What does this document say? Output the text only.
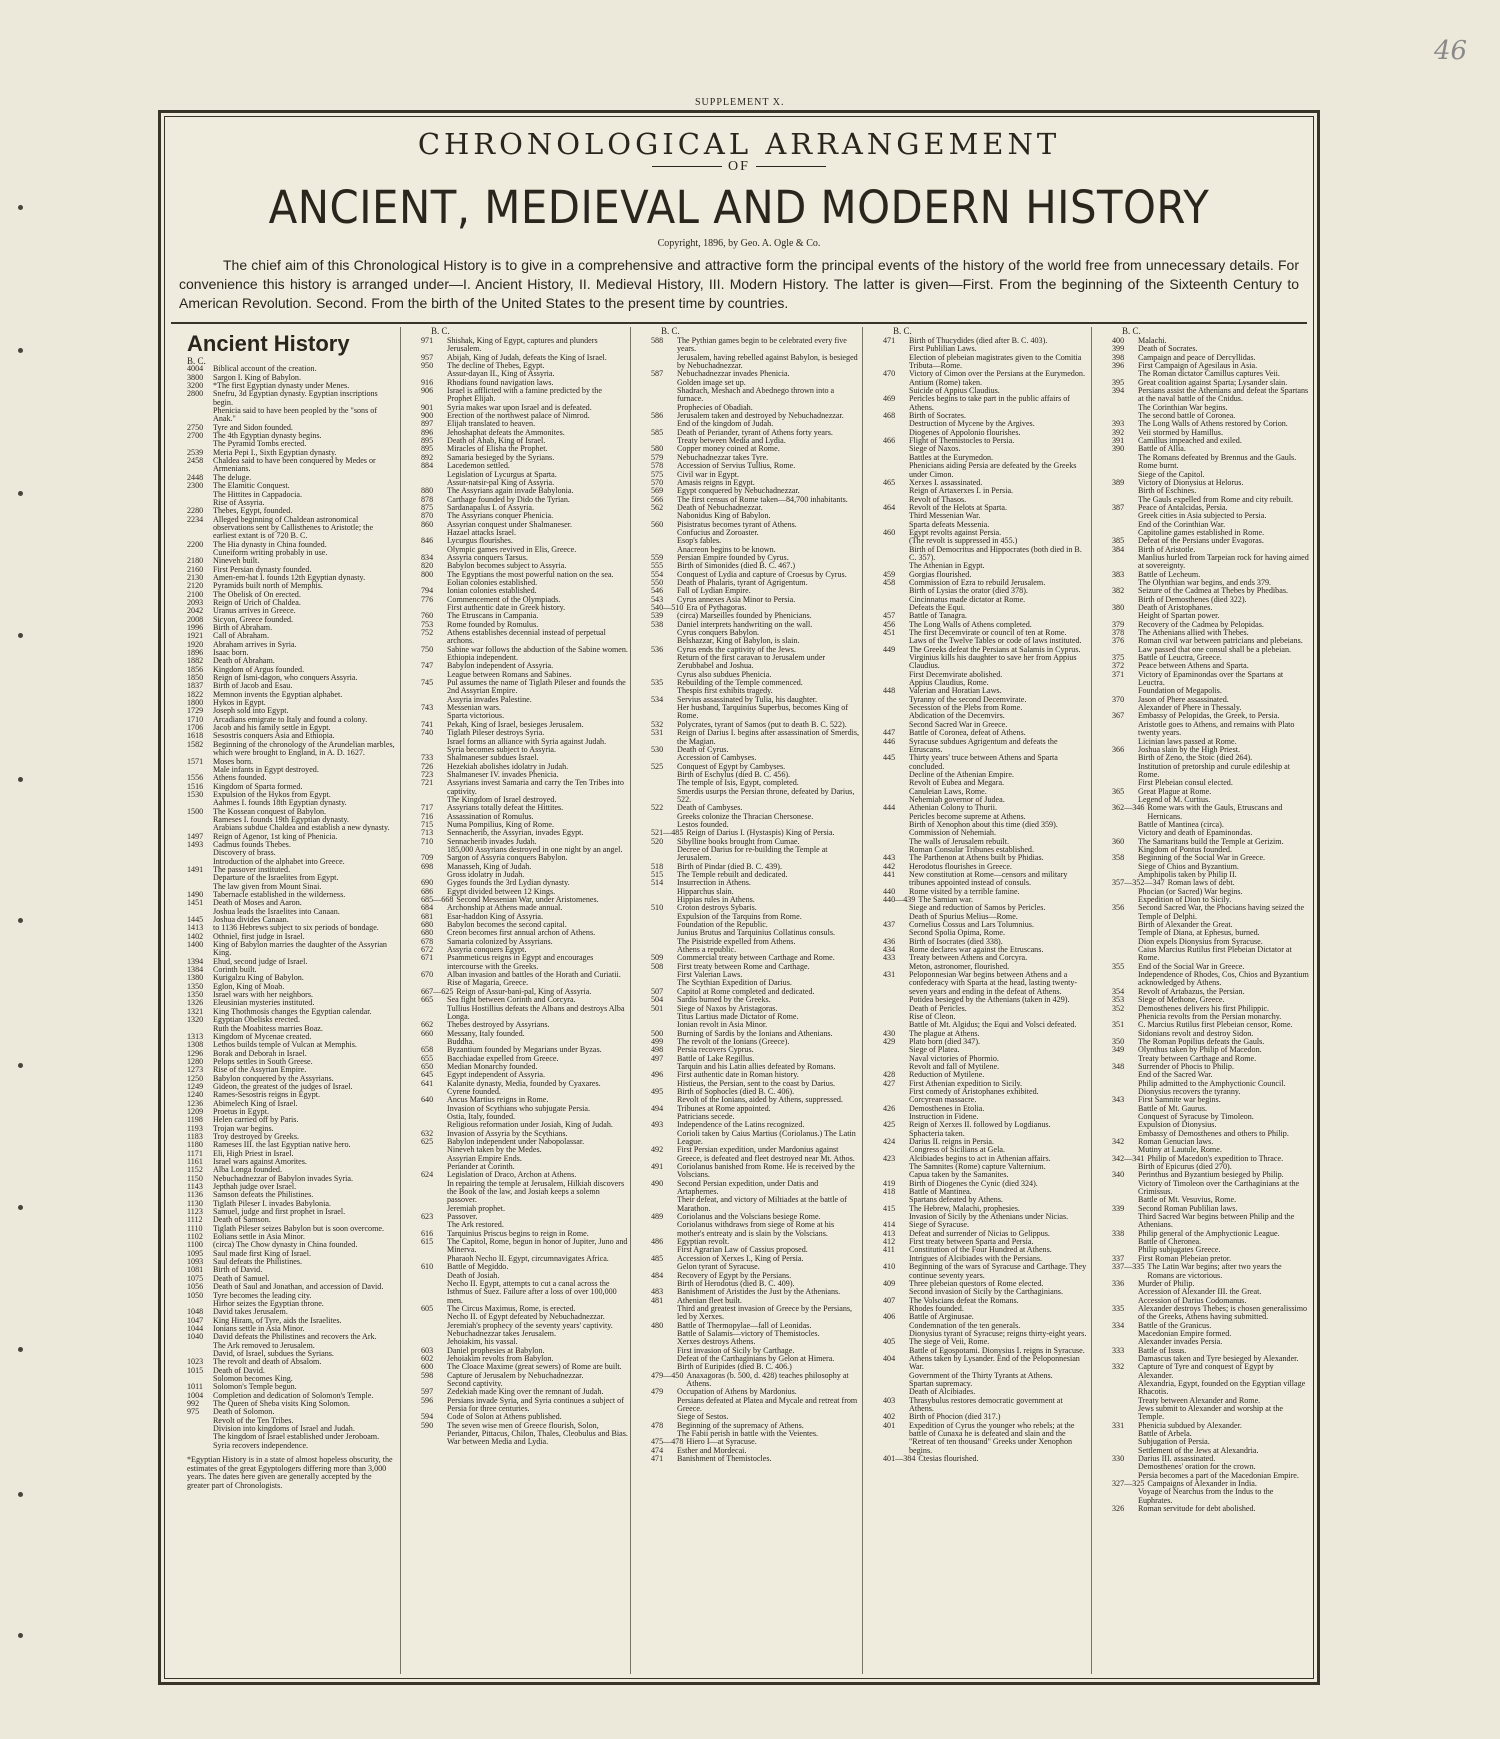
46
SUPPLEMENT X.
CHRONOLOGICAL ARRANGEMENT
OF
ANCIENT, MEDIEVAL AND MODERN HISTORY
Copyright, 1896, by Geo. A. Ogle & Co.
The chief aim of this Chronological History is to give in a comprehensive and attractive form the principal events of the history of the world free from unnecessary details. For convenience this history is arranged under—I. Ancient History, II. Medieval History, III. Modern History. The latter is given—First. From the beginning of the Sixteenth Century to American Revolution. Second. From the birth of the United States to the present time by countries.
Ancient History
B. C.
4004	Biblical account of the creation.
3800	Sargon I. King of Babylon.
3200	*The first Egyptian dynasty under Menes.
2800	Snefru, 3d Egyptian dynasty. Egyptian inscriptions begin.
Phenicia said to have been peopled by the "sons of Anak."
2750	Tyre and Sidon founded.
2700	The 4th Egyptian dynasty begins.
The Pyramid Tombs erected.
2539	Meria Pepi I., Sixth Egyptian dynasty.
2458	Chaldea said to have been conquered by Medes or Armenians.
2448	The deluge.
2300	The Elamitic Conquest.
The Hittites in Cappadocia.
Rise of Assyria.
2280	Thebes, Egypt, founded.
2234	Alleged beginning of Chaldean astronomical observations sent by Callisthenes to Aristotle; the earliest extant is of 720 B. C.
2200	The Hia dynasty in China founded.
Cuneiform writing probably in use.
2180	Nineveh built.
2160	First Persian dynasty founded.
2130	Amen-em-hat I. founds 12th Egyptian dynasty.
2120	Pyramids built north of Memphis.
2100	The Obelisk of On erected.
2093	Reign of Urich of Chaldea.
2042	Uranus arrives in Greece.
2008	Sicyon, Greece founded.
1996	Birth of Abraham.
1921	Call of Abraham.
1920	Abraham arrives in Syria.
1896	Isaac born.
1882	Death of Abraham.
1856	Kingdom of Argus founded.
1850	Reign of Ismi-dagon, who conquers Assyria.
1837	Birth of Jacob and Esau.
1822	Memnon invents the Egyptian alphabet.
1800	Hykos in Egypt.
1729	Joseph sold into Egypt.
1710	Arcadians emigrate to Italy and found a colony.
1706	Jacob and his family settle in Egypt.
1618	Sesostris conquers Asia and Ethiopia.
1582	Beginning of the chronology of the Arundelian marbles, which were brought to England, in A. D. 1627.
1571	Moses born.
Male infants in Egypt destroyed.
1556	Athens founded.
1516	Kingdom of Sparta formed.
1530	Expulsion of the Hykos from Egypt.
Aahmes I. founds 18th Egyptian dynasty.
1500	The Kossean conquest of Babylon.
Rameses I. founds 19th Egyptian dynasty.
Arabians subdue Chaldea and establish a new dynasty.
1497	Reign of Agenor, 1st king of Phenicia.
1493	Cadmus founds Thebes.
Discovery of brass.
Introduction of the alphabet into Greece.
1491	The passover instituted.
Departure of the Israelites from Egypt.
The law given from Mount Sinai.
1490	Tabernacle established in the wilderness.
1451	Death of Moses and Aaron.
Joshua leads the Israelites into Canaan.
1445	Joshua divides Canaan.
1413	to 1136 Hebrews subject to six periods of bondage.
1402	Othniel, first judge in Israel.
1400	King of Babylon marries the daughter of the Assyrian King.
1394	Ehud, second judge of Israel.
1384	Corinth built.
1380	Kurigalzu King of Babylon.
1350	Eglon, King of Moab.
1350	Israel wars with her neighbors.
1326	Eleusinian mysteries instituted.
1321	King Thothmosis changes the Egyptian calendar.
1320	Egyptian Obelisks erected.
Ruth the Moabitess marries Boaz.
1313	Kingdom of Mycenae created.
1308	Lethos builds temple of Vulcan at Memphis.
1296	Borak and Deborah in Israel.
1280	Pelops settles in South Greese.
1273	Rise of the Assyrian Empire.
1250	Babylon conquered by the Assyrians.
1249	Gideon, the greatest of the judges of Israel.
1240	Rames-Sesostris reigns in Egypt.
1236	Abimelech King of Israel.
1209	Proetus in Egypt.
1198	Helen carried off by Paris.
1193	Trojan war begins.
1183	Troy destroyed by Greeks.
1180	Rameses III. the last Egyptian native hero.
1171	Eli, High Priest in Israel.
1161	Israel wars against Amorites.
1152	Alba Longa founded.
1150	Nebuchadnezzar of Babylon invades Syria.
1143	Jepthah judge over Israel.
1136	Samson defeats the Philistines.
1130	Tiglath Pileser I. invades Babylonia.
1123	Samuel, judge and first prophet in Israel.
1112	Death of Samson.
1110	Tiglath Pileser seizes Babylon but is soon overcome.
1102	Eolians settle in Asia Minor.
1100	(circa) The Chow dynasty in China founded.
1095	Saul made first King of Israel.
1093	Saul defeats the Philistines.
1081	Birth of David.
1075	Death of Samuel.
1056	Death of Saul and Jonathan, and accession of David.
1050	Tyre becomes the leading city.
Hirhor seizes the Egyptian throne.
1048	David takes Jerusalem.
1047	King Hiram, of Tyre, aids the Israelites.
1044	Ionians settle in Asia Minor.
1040	David defeats the Philistines and recovers the Ark.
The Ark removed to Jerusalem.
David, of Israel, subdues the Syrians.
1023	The revolt and death of Absalom.
1015	Death of David.
Solomon becomes King.
1011	Solomon's Temple begun.
1004	Completion and dedication of Solomon's Temple.
992	The Queen of Sheba visits King Solomon.
975	Death of Solomon.
Revolt of the Ten Tribes.
Division into kingdoms of Israel and Judah.
The kingdom of Israel established under Jeroboam.
Syria recovers independence.
*Egyptian History is in a state of almost hopeless obscurity, the estimates of the great Egyptologers differing more than 3,000 years. The dates here given are generally accepted by the greater part of Chronologists.
B. C.
971	Shishak, King of Egypt, captures and plunders Jerusalem.
957	Abijah, King of Judah, defeats the King of Israel.
950	The decline of Thebes, Egypt.
Assur-dayan II., King of Assyria.
916	Rhodians found navigation laws.
906	Israel is afflicted with a famine predicted by the Prophet Elijah.
901	Syria makes war upon Israel and is defeated.
900	Erection of the northwest palace of Nimrod.
897	Elijah translated to heaven.
896	Jehoshaphat defeats the Ammonites.
895	Death of Ahab, King of Israel.
895	Miracles of Elisha the Prophet.
892	Samaria besieged by the Syrians.
884	Lacedemon settled.
Legislation of Lycurgus at Sparta.
Assur-natsir-pal King of Assyria.
880	The Assyrians again invade Babylonia.
878	Carthage founded by Dido the Tyrian.
875	Sardanapalus I. of Assyria.
870	The Assyrians conquer Phenicia.
860	Assyrian conquest under Shalmaneser.
Hazael attacks Israel.
846	Lycurgus flourishes.
Olympic games revived in Elis, Greece.
834	Assyria conquers Tarsus.
820	Babylon becomes subject to Assyria.
800	The Egyptians the most powerful nation on the sea.
Eolian colonies established.
794	Ionian colonies established.
776	Commencement of the Olympiads.
First authentic date in Greek history.
760	The Etruscans in Campania.
753	Rome founded by Romulus.
752	Athens establishes decennial instead of perpetual archons.
750	Sabine war follows the abduction of the Sabine women.
Ethiopia independent.
747	Babylon independent of Assyria.
League between Romans and Sabines.
745	Pul assumes the name of Tiglath Pileser and founds the 2nd Assyrian Empire.
Assyria invades Palestine.
743	Messenian wars.
Sparta victorious.
741	Pekah, King of Israel, besieges Jerusalem.
740	Tiglath Pileser destroys Syria.
Israel forms an alliance with Syria against Judah.
Syria becomes subject to Assyria.
733	Shalmaneser subdues Israel.
726	Hezekiah abolishes idolatry in Judah.
723	Shalmaneser IV. invades Phenicia.
721	Assyrians invest Samaria and carry the Ten Tribes into captivity.
The Kingdom of Israel destroyed.
717	Assyrians totally defeat the Hittites.
716	Assassination of Romulus.
715	Numa Pompilius, King of Rome.
713	Sennacherib, the Assyrian, invades Egypt.
710	Sennacherib invades Judah.
185,000 Assyrians destroyed in one night by an angel.
709	Sargon of Assyria conquers Babylon.
698	Manasseh, King of Judah.
Gross idolatry in Judah.
690	Gyges founds the 3rd Lydian dynasty.
686	Egypt divided between 12 Kings.
685—668 Second Messenian War, under Aristomenes.
684	Archonship at Athens made annual.
681	Esar-haddon King of Assyria.
680	Babylon becomes the second capital.
680	Creon becomes first annual archon of Athens.
678	Samaria colonized by Assyrians.
672	Assyria conquers Egypt.
671	Psammeticus reigns in Egypt and encourages intercourse with the Greeks.
670	Alban invasion and battles of the Horath and Curiatii.
Rise of Magaria, Greece.
667—625 Reign of Assur-bani-pal, King of Assyria.
665	Sea fight between Corinth and Corcyra.
Tullius Hostillius defeats the Albans and destroys Alba Longa.
662	Thebes destroyed by Assyrians.
660	Messany, Italy founded.
Buddha.
658	Byzantium founded by Megarians under Byzas.
655	Bacchiadae expelled from Greece.
650	Median Monarchy founded.
645	Egypt independent of Assyria.
641	Kalanite dynasty, Media, founded by Cyaxares.
Cyrene founded.
640	Ancus Martius reigns in Rome.
Invasion of Scythians who subjugate Persia.
Ostia, Italy, founded.
Religious reformation under Josiah, King of Judah.
632	Invasion of Assyria by the Scythians.
625	Babylon independent under Nabopolassar.
Nineveh taken by the Medes.
Assyrian Empire Ends.
Periander at Corinth.
624	Legislation of Draco, Archon at Athens.
In repairing the temple at Jerusalem, Hilkiah discovers the Book of the law, and Josiah keeps a solemn passover.
Jeremiah prophet.
623	Passover.
The Ark restored.
616	Tarquinius Priscus begins to reign in Rome.
615	The Capitol, Rome, begun in honor of Jupiter, Juno and Minerva.
Pharaoh Necho II. Egypt, circumnavigates Africa.
610	Battle of Megiddo.
Death of Josiah.
Necho II. Egypt, attempts to cut a canal across the Isthmus of Suez. Failure after a loss of over 100,000 men.
605	The Circus Maximus, Rome, is erected.
Necho II. of Egypt defeated by Nebuchadnezzar.
Jeremiah's prophecy of the seventy years' captivity.
Nebuchadnezzar takes Jerusalem.
Jehoiakim, his vassal.
603	Daniel prophesies at Babylon.
602	Jehoiakim revolts from Babylon.
600	The Cloace Maxime (great sewers) of Rome are built.
598	Capture of Jerusalem by Nebuchadnezzar.
Second captivity.
597	Zedekiah made King over the remnant of Judah.
596	Persians invade Syria, and Syria continues a subject of Persia for three centuries.
594	Code of Solon at Athens published.
590	The seven wise men of Greece flourish, Solon, Periander, Pittacus, Chilon, Thales, Cleobulus and Bias.
War between Media and Lydia.
B. C.
588	The Pythian games begin to be celebrated every five years.
Jerusalem, having rebelled against Babylon, is besieged by Nebuchadnezzar.
587	Nebuchadnezzar invades Phenicia.
Golden image set up.
Shadrach, Meshach and Abednego thrown into a furnace.
Prophecies of Obadiah.
586	Jerusalem taken and destroyed by Nebuchadnezzar.
End of the kingdom of Judah.
585	Death of Periander, tyrant of Athens forty years.
Treaty between Media and Lydia.
580	Copper money coined at Rome.
579	Nebuchadnezzar takes Tyre.
578	Accession of Servius Tullius, Rome.
575	Civil war in Egypt.
570	Amasis reigns in Egypt.
569	Egypt conquered by Nebuchadnezzar.
566	The first census of Rome taken—84,700 inhabitants.
562	Death of Nebuchadnezzar.
Nabonidus King of Babylon.
560	Pisistratus becomes tyrant of Athens.
Confucius and Zoroaster.
Esop's fables.
Anacreon begins to be known.
559	Persian Empire founded by Cyrus.
555	Birth of Simonides (died B. C. 467.)
554	Conquest of Lydia and capture of Croesus by Cyrus.
550	Death of Phalaris, tyrant of Agrigentum.
546	Fall of Lydian Empire.
543	Cyrus annexes Asia Minor to Persia.
540—510 Era of Pythagoras.
539	(circa) Marseilles founded by Phenicians.
538	Daniel interprets handwriting on the wall.
Cyrus conquers Babylon.
Belshazzar, King of Babylon, is slain.
536	Cyrus ends the captivity of the Jews.
Return of the first caravan to Jerusalem under Zerubbabel and Joshua.
Cyrus also subdues Phenicia.
535	Rebuilding of the Temple commenced.
Thespis first exhibits tragedy.
534	Servius assassinated by Tulia, his daughter.
Her husband, Tarquinius Superbus, becomes King of Rome.
532	Polycrates, tyrant of Samos (put to death B. C. 522).
531	Reign of Darius I. begins after assassination of Smerdis, the Magian.
530	Death of Cyrus.
Accession of Cambyses.
525	Conquest of Egypt by Cambyses.
Birth of Eschylus (died B. C. 456).
The temple of Isis, Egypt, completed.
Smerdis usurps the Persian throne, defeated by Darius, 522.
522	Death of Cambyses.
Greeks colonize the Thracian Chersonese.
Lestos founded.
521—485 Reign of Darius I. (Hystaspis) King of Persia.
520	Sibylline books brought from Cumae.
Decree of Darius for re-building the Temple at Jerusalem.
518	Birth of Pindar (died B. C. 439).
515	The Temple rebuilt and dedicated.
514	Insurrection in Athens.
Hipparchus slain.
Hippias rules in Athens.
510	Croton destroys Sybaris.
Expulsion of the Tarquins from Rome.
Foundation of the Republic.
Junius Brutus and Tarquinius Collatinus consuls.
The Pisistride expelled from Athens.
Athens a republic.
509	Commercial treaty between Carthage and Rome.
508	First treaty between Rome and Carthage.
First Valerian Laws.
The Scythian Expedition of Darius.
507	Capitol at Rome completed and dedicated.
504	Sardis burned by the Greeks.
501	Siege of Naxos by Aristagoras.
Titus Lartius made Dictator of Rome.
Ionian revolt in Asia Minor.
500	Burning of Sardis by the Ionians and Athenians.
499	The revolt of the Ionians (Greece).
498	Persia recovers Cyprus.
497	Battle of Lake Regillus.
Tarquin and his Latin allies defeated by Romans.
496	First authentic date in Roman history.
Histieus, the Persian, sent to the coast by Darius.
495	Birth of Sophocles (died B. C. 406).
Revolt of the Ionians, aided by Athens, suppressed.
494	Tribunes at Rome appointed.
Patricians secede.
493	Independence of the Latins recognized.
Corioli taken by Caius Martius (Coriolanus.) The Latin League.
492	First Persian expedition, under Mardonius against Greece, is defeated and fleet destroyed near Mt. Athos.
491	Coriolanus banished from Rome. He is received by the Volscians.
490	Second Persian expedition, under Datis and Artaphernes.
Their defeat, and victory of Miltiades at the battle of Marathon.
489	Coriolanus and the Volscians besiege Rome.
Coriolanus withdraws from siege of Rome at his mother's entreaty and is slain by the Volscians.
486	Egyptian revolt.
First Agrarian Law of Cassius proposed.
485	Accession of Xerxes I., King of Persia.
Gelon tyrant of Syracuse.
484	Recovery of Egypt by the Persians.
Birth of Herodotus (died B. C. 409).
483	Banishment of Aristides the Just by the Athenians.
481	Athenian fleet built.
Third and greatest invasion of Greece by the Persians, led by Xerxes.
480	Battle of Thermopylae—fall of Leonidas.
Battle of Salamis—victory of Themistocles.
Xerxes destroys Athens.
First invasion of Sicily by Carthage.
Defeat of the Carthaginians by Gelon at Himera.
Birth of Euripides (died B. C. 406.)
479—450 Anaxagoras (b. 500, d. 428) teaches philosophy at Athens.
479	Occupation of Athens by Mardonius.
Persians defeated at Platea and Mycale and retreat from Greece.
Siege of Sestos.
478	Beginning of the supremacy of Athens.
The Fabii perish in battle with the Veientes.
475—478 Hiero I—at Syracuse.
474	Esther and Mordecai.
471	Banishment of Themistocles.
B. C.
471	Birth of Thucydides (died after B. C. 403).
First Publilian Laws.
Election of plebeian magistrates given to the Comitia Tributa—Rome.
470	Victory of Cimon over the Persians at the Eurymedon.
Antium (Rome) taken.
Suicide of Appius Claudius.
469	Pericles begins to take part in the public affairs of Athens.
468	Birth of Socrates.
Destruction of Mycene by the Argives.
Diogenes of Appolonio flourishes.
466	Flight of Themistocles to Persia.
Siege of Naxos.
Battles at the Eurymedon.
Phenicians aiding Persia are defeated by the Greeks under Cimon.
465	Xerxes I. assassinated.
Reign of Artaxerxes I. in Persia.
Revolt of Thasos.
464	Revolt of the Helots at Sparta.
Third Messenian War.
Sparta defeats Messenia.
460	Egypt revolts against Persia.
(The revolt is suppressed in 455.)
Birth of Democritus and Hippocrates (both died in B. C. 357).
The Athenian in Egypt.
459	Gorgias flourished.
458	Commission of Ezra to rebuild Jerusalem.
Birth of Lysias the orator (died 378).
Cincinnatus made dictator at Rome.
Defeats the Equi.
457	Battle of Tanagra.
456	The Long Walls of Athens completed.
451	The first Decemvirate or council of ten at Rome.
Laws of the Twelve Tables or code of laws instituted.
449	The Greeks defeat the Persians at Salamis in Cyprus.
Virginius kills his daughter to save her from Appius Claudius.
First Decemvirate abolished.
Appius Claudius, Rome.
448	Valerian and Horatian Laws.
Tyranny of the second Decemvirate.
Secession of the Plebs from Rome.
Abdication of the Decemvirs.
Second Sacred War in Greece.
447	Battle of Coronea, defeat of Athens.
446	Syracuse subdues Agrigentum and defeats the Etruscans.
445	Thirty years' truce between Athens and Sparta concluded.
Decline of the Athenian Empire.
Revolt of Eubea and Megara.
Canuleian Laws, Rome.
Nehemiah governor of Judea.
444	Athenian Colony to Thurii.
Pericles become supreme at Athens.
Birth of Xenophon about this time (died 359).
Commission of Nehemiah.
The walls of Jerusalem rebuilt.
Roman Consular Tribunes established.
443	The Parthenon at Athens built by Phidias.
442	Herodotus flourishes in Greece.
441	New constitution at Rome—censors and military tribunes appointed instead of consuls.
440	Rome visited by a terrible famine.
440—439 The Samian war.
Siege and reduction of Samos by Pericles.
Death of Spurius Melius—Rome.
437	Cornelius Cossus and Lars Tolumnius.
Second Spolia Opima, Rome.
436	Birth of Isocrates (died 338).
434	Rome declares war against the Etruscans.
433	Treaty between Athens and Corcyra.
Meton, astronomer, flourished.
431	Peloponnesian War begins between Athens and a confederacy with Sparta at the head, lasting twenty-seven years and ending in the defeat of Athens.
Potidea besieged by the Athenians (taken in 429).
Death of Pericles.
Rise of Cleon.
Battle of Mt. Algidus; the Equi and Volsci defeated.
430	The plague at Athens.
429	Plato born (died 347).
Siege of Platea.
Naval victories of Phormio.
Revolt and fall of Mytilene.
428	Reduction of Mytilene.
427	First Athenian expedition to Sicily.
First comedy of Aristophanes exhibited.
Corcyrean massacre.
426	Demosthenes in Etolia.
Instruction in Fidene.
425	Reign of Xerxes II. followed by Logdianus.
Sphacteria taken.
424	Darius II. reigns in Persia.
Congress of Sicilians at Gela.
423	Alcibiades begins to act in Athenian affairs.
The Samnites (Rome) capture Valternium.
Capua taken by the Samanites.
419	Birth of Diogenes the Cynic (died 324).
418	Battle of Mantinea.
Spartans defeated by Athens.
415	The Hebrew, Malachi, prophesies.
Invasion of Sicily by the Athenians under Nicias.
414	Siege of Syracuse.
413	Defeat and surrender of Nicias to Gelippus.
412	First treaty between Sparta and Persia.
411	Constitution of the Four Hundred at Athens.
Intrigues of Alcibiades with the Persians.
410	Beginning of the wars of Syracuse and Carthage. They continue seventy years.
409	Three plebeian questors of Rome elected.
Second invasion of Sicily by the Carthaginians.
407	The Volscians defeat the Romans.
Rhodes founded.
406	Battle of Arginusae.
Condemnation of the ten generals.
Dionysius tyrant of Syracuse; reigns thirty-eight years.
405	The siege of Veii, Rome.
Battle of Egospotami. Dionysius I. reigns in Syracuse.
404	Athens taken by Lysander. End of the Peloponnesian War.
Government of the Thirty Tyrants at Athens.
Spartan supremacy.
Death of Alcibiades.
403	Thrasybulus restores democratic government at Athens.
402	Birth of Phocion (died 317.)
401	Expedition of Cyrus the younger who rebels; at the battle of Cunaxa he is defeated and slain and the "Retreat of ten thousand" Greeks under Xenophon begins.
401—384 Ctesias flourished.
B. C.
400	Malachi.
399	Death of Socrates.
398	Campaign and peace of Dercyllidas.
396	First Campaign of Agesilaus in Asia.
The Roman dictator Camillus captures Veii.
395	Great coalition against Sparta; Lysander slain.
394	Persians assist the Athenians and defeat the Spartans at the naval battle of the Cnidus.
The Corinthian War begins.
The second battle of Coronea.
393	The Long Walls of Athens restored by Corion.
392	Veii stormed by Hamillus.
391	Camillus impeached and exiled.
390	Battle of Allia.
The Romans defeated by Brennus and the Gauls. Rome burnt.
Siege of the Capitol.
389	Victory of Dionysius at Helorus.
Birth of Eschines.
The Gauls expelled from Rome and city rebuilt.
387	Peace of Antalcidas, Persia.
Greek cities in Asia subjected to Persia.
End of the Corinthian War.
Capitoline games established in Rome.
385	Defeat of the Persians under Evagoras.
384	Birth of Aristotle.
Manlius hurled from Tarpeian rock for having aimed at sovereignty.
383	Battle of Lecheum.
The Olynthian war begins, and ends 379.
382	Seizure of the Cadmea at Thebes by Phedibas.
Birth of Demosthenes (died 322).
380	Death of Aristophanes.
Height of Spartan power.
379	Recovery of the Cadmea by Pelopidas.
378	The Athenians allied with Thebes.
376	Roman civil war between patricians and plebeians.
Law passed that one consul shall be a plebeian.
375	Battle of Leuctra, Greece.
372	Peace between Athens and Sparta.
371	Victory of Epaminondas over the Spartans at Leuctra.
Foundation of Megapolis.
370	Jason of Phere assassinated.
Alexander of Phere in Thessaly.
367	Embassy of Pelopidas, the Greek, to Persia.
Aristotle goes to Athens, and remains with Plato twenty years.
Licinian laws passed at Rome.
366	Joshua slain by the High Priest.
Birth of Zeno, the Stoic (died 264).
Institution of pretorship and curule edileship at Rome.
First Plebeian consul elected.
365	Great Plague at Rome.
Legend of M. Curtius.
362—346 Rome wars with the Gauls, Etruscans and Hernicans.
Battle of Mantinea (circa).
Victory and death of Epaminondas.
360	The Samaritans build the Temple at Gerizim.
Kingdom of Pontus founded.
358	Beginning of the Social War in Greece.
Siege of Chios and Byzantium.
Amphipolis taken by Philip II.
357—352—347 Roman laws of debt.
Phocian (or Sacred) War begins.
Expedition of Dion to Sicily.
356	Second Sacred War, the Phocians having seized the Temple of Delphi.
Birth of Alexander the Great.
Temple of Diana, at Ephesus, burned.
Dion expels Dionysius from Syracuse.
Caius Marcius Rutilus first Plebeian Dictator at Rome.
355	End of the Social War in Greece.
Independence of Rhodes, Cos, Chios and Byzantium acknowledged by Athens.
354	Revolt of Artabazus, the Persian.
353	Siege of Methone, Greece.
352	Demosthenes delivers his first Philippic.
Phenicia revolts from the Persian monarchy.
351	C. Marcius Rutilus first Plebeian censor, Rome.
Sidonians revolt and destroy Sidon.
350	The Roman Popilius defeats the Gauls.
349	Olynthus taken by Philip of Macedon.
Treaty between Carthage and Rome.
348	Surrender of Phocis to Philip.
End of the Sacred War.
Philip admitted to the Amphyctionic Council.
Dionysius recovers the tyranny.
343	First Samnite war begins.
Battle of Mt. Gaurus.
Conquest of Syracuse by Timoleon.
Expulsion of Dionysius.
Embassy of Demosthenes and others to Philip.
342	Roman Genucian laws.
Mutiny at Lautule, Rome.
342—341 Philip of Macedon's expedition to Thrace.
Birth of Epicurus (died 270).
340	Perinthus and Byzantium besieged by Philip.
Victory of Timoleon over the Carthaginians at the Crimissus.
Battle of Mt. Vesuvius, Rome.
339	Second Roman Publilian laws.
Third Sacred War begins between Philip and the Athenians.
338	Philip general of the Amphyctionic League.
Battle of Cheronea.
Philip subjugates Greece.
337	First Roman Plebeian pretor.
337—335 The Latin War begins; after two years the Romans are victorious.
336	Murder of Philip.
Accession of Alexander III. the Great.
Accession of Darius Codomanus.
335	Alexander destroys Thebes; is chosen generalissimo of the Greeks, Athens having submitted.
334	Battle of the Granicus.
Macedonian Empire formed.
Alexander invades Persia.
333	Battle of Issus.
Damascus taken and Tyre besieged by Alexander.
332	Capture of Tyre and conquest of Egypt by Alexander.
Alexandria, Egypt, founded on the Egyptian village Rhacotis.
Treaty between Alexander and Rome.
Jews submit to Alexander and worship at the Temple.
331	Phenicia subdued by Alexander.
Battle of Arbela.
Subjugation of Persia.
Settlement of the Jews at Alexandria.
330	Darius III. assassinated.
Demosthenes' oration for the crown.
Persia becomes a part of the Macedonian Empire.
327—325 Campaigns of Alexander in India.
Voyage of Nearchus from the Indus to the Euphrates.
326	Roman servitude for debt abolished.
